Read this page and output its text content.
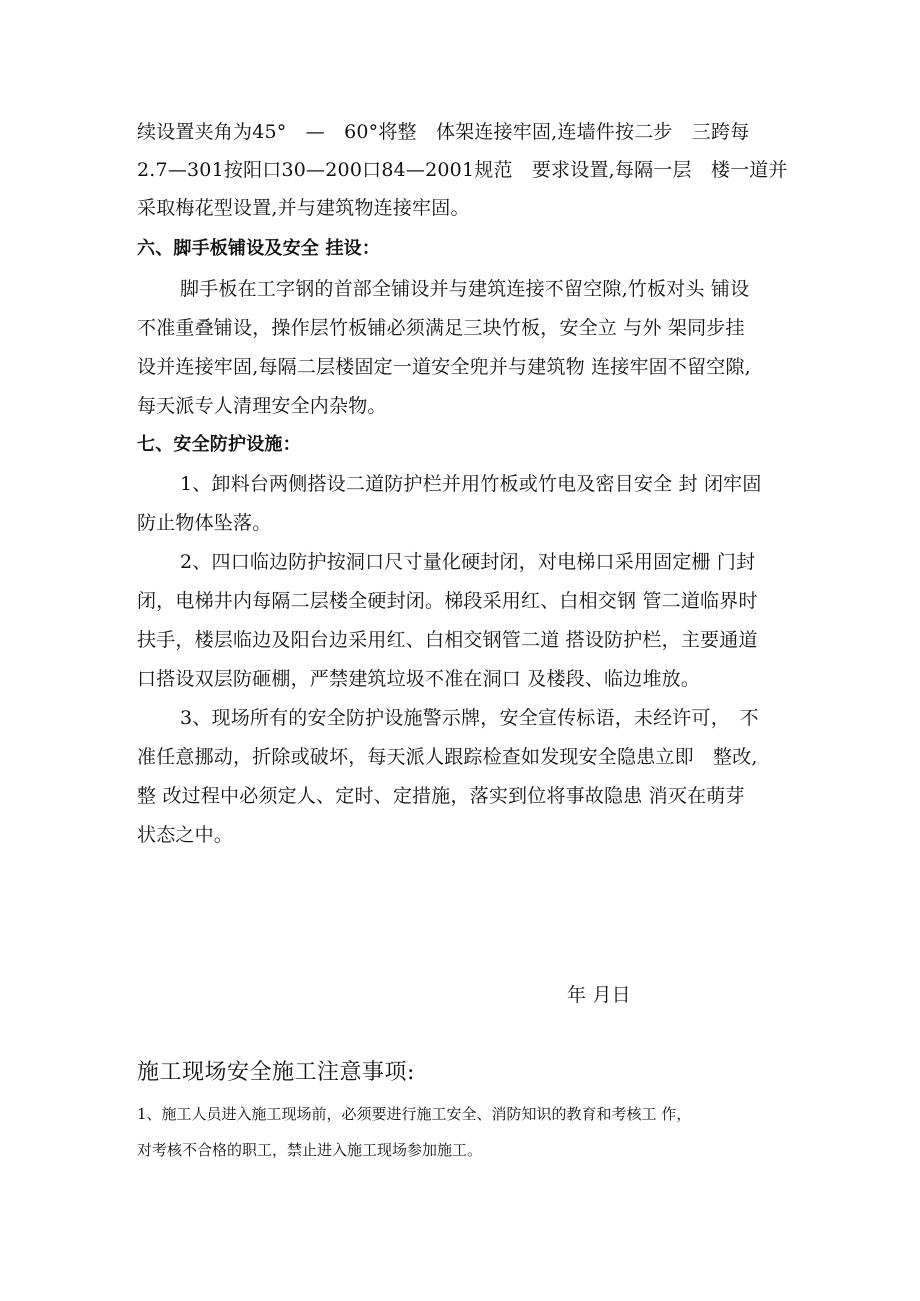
续设置夹角为45°　—　60°将整　体架连接牢固,连墙件按二步　三跨每
2.7—301按阳口30—200口84—2001规范　要求设置,每隔一层　楼一道并
采取梅花型设置,并与建筑物连接牢固。
六、脚手板铺设及安全 挂设：
脚手板在工字钢的首部全铺设并与建筑连接不留空隙,竹板对头 铺设
不准重叠铺设，操作层竹板铺必须满足三块竹板，安全立 与外 架同步挂
设并连接牢固,每隔二层楼固定一道安全兜并与建筑物 连接牢固不留空隙,
每天派专人清理安全内杂物。
七、安全防护设施：
1、卸料台两侧搭设二道防护栏并用竹板或竹电及密目安全 封 闭牢固
防止物体坠落。
2、四口临边防护按洞口尺寸量化硬封闭，对电梯口采用固定栅 门封
闭，电梯井内每隔二层楼全硬封闭。梯段采用红、白相交钢 管二道临界时
扶手，楼层临边及阳台边采用红、白相交钢管二道 搭设防护栏，主要通道
口搭设双层防砸棚，严禁建筑垃圾不准在洞口 及楼段、临边堆放。
3、现场所有的安全防护设施警示牌，安全宣传标语，未经许可，　不
准任意挪动，折除或破坏，每天派人跟踪检查如发现安全隐患立即　整改,
整 改过程中必须定人、定时、定措施，落实到位将事故隐患 消灭在萌芽
状态之中。
年 月日
施工现场安全施工注意事项:
1、施工人员进入施工现场前，必须要进行施工安全、消防知识的教育和考核工 作，
对考核不合格的职工，禁止进入施工现场参加施工。
